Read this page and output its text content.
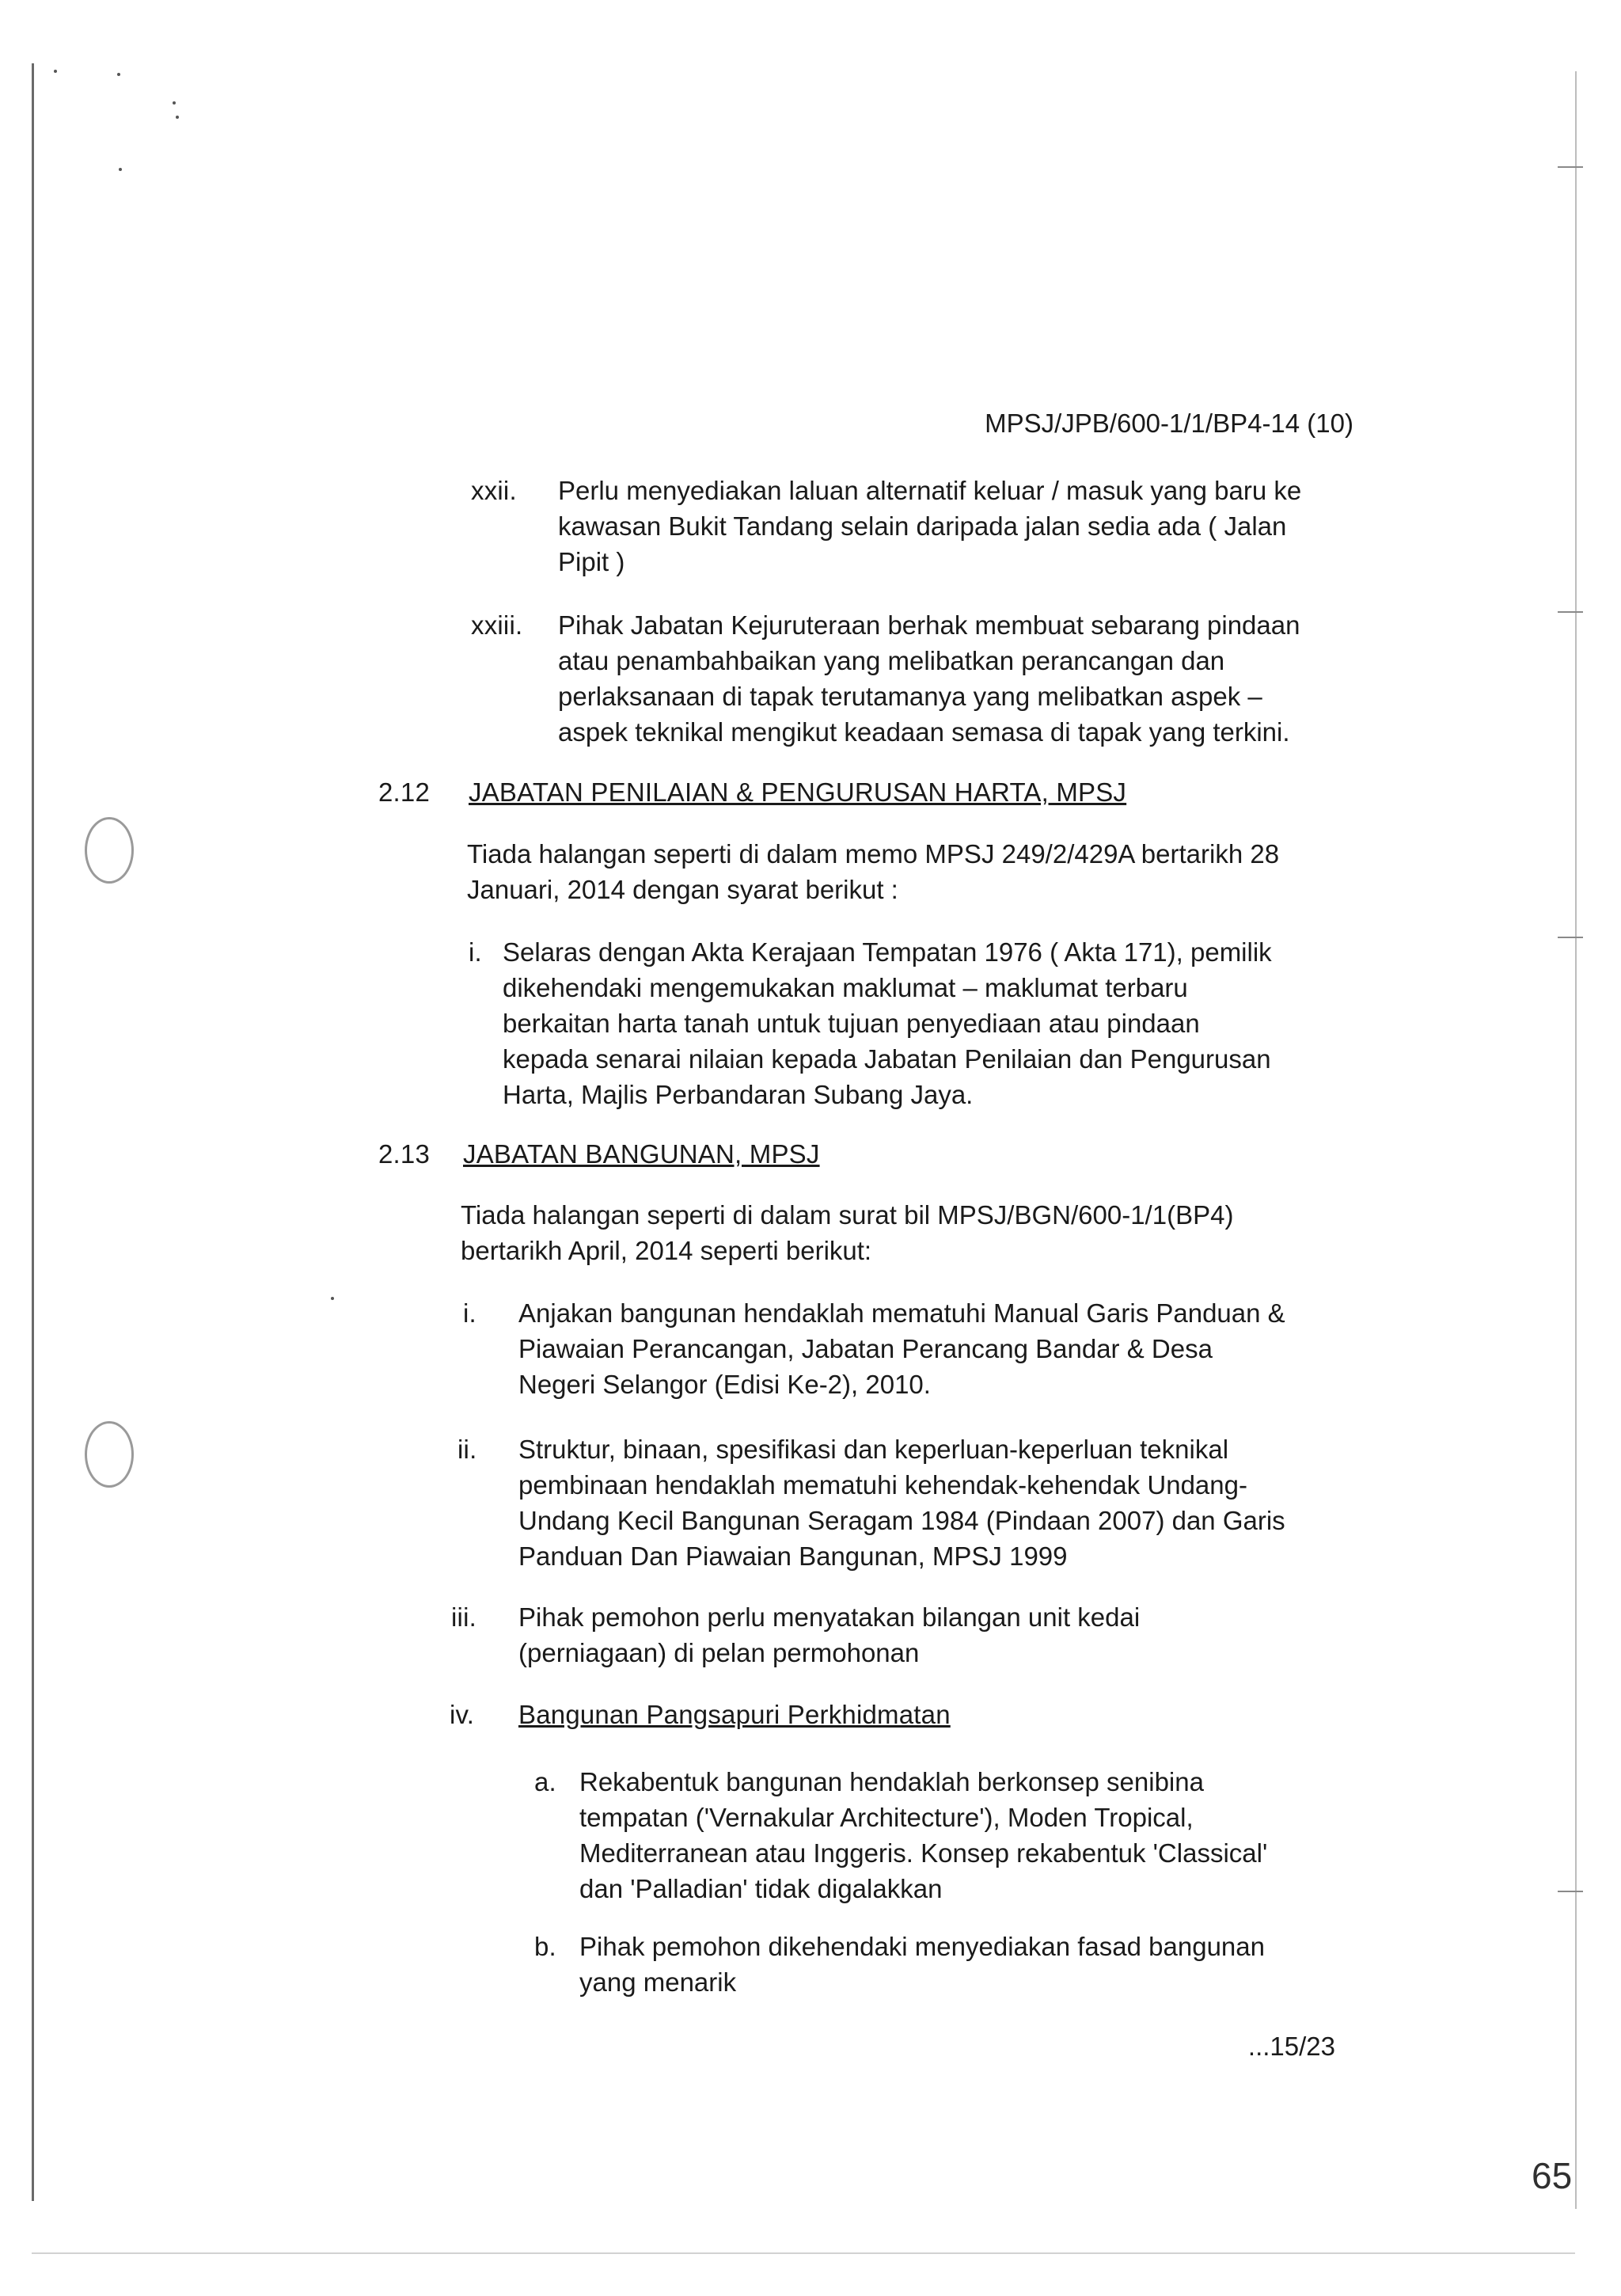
MPSJ/JPB/600-1/1/BP4-14 (10)
xxii. Perlu menyediakan laluan alternatif keluar / masuk yang baru ke
kawasan Bukit Tandang selain daripada jalan sedia ada ( Jalan
Pipit )
xxiii. Pihak Jabatan Kejuruteraan berhak membuat sebarang pindaan
atau penambahbaikan yang melibatkan perancangan dan
perlaksanaan di tapak terutamanya yang melibatkan aspek –
aspek teknikal mengikut keadaan semasa di tapak yang terkini.
2.12 JABATAN PENILAIAN & PENGURUSAN HARTA, MPSJ
Tiada halangan seperti di dalam memo MPSJ 249/2/429A bertarikh 28
Januari, 2014 dengan syarat berikut :
i. Selaras dengan Akta Kerajaan Tempatan 1976 ( Akta 171), pemilik
dikehendaki mengemukakan maklumat – maklumat terbaru
berkaitan harta tanah untuk tujuan penyediaan atau pindaan
kepada senarai nilaian kepada Jabatan Penilaian dan Pengurusan
Harta, Majlis Perbandaran Subang Jaya.
2.13 JABATAN BANGUNAN, MPSJ
Tiada halangan seperti di dalam surat bil MPSJ/BGN/600-1/1(BP4)
bertarikh April, 2014 seperti berikut:
i. Anjakan bangunan hendaklah mematuhi Manual Garis Panduan &
Piawaian Perancangan, Jabatan Perancang Bandar & Desa
Negeri Selangor (Edisi Ke-2), 2010.
ii. Struktur, binaan, spesifikasi dan keperluan-keperluan teknikal
pembinaan hendaklah mematuhi kehendak-kehendak Undang-
Undang Kecil Bangunan Seragam 1984 (Pindaan 2007) dan Garis
Panduan Dan Piawaian Bangunan, MPSJ 1999
iii. Pihak pemohon perlu menyatakan bilangan unit kedai
(perniagaan) di pelan permohonan
iv. Bangunan Pangsapuri Perkhidmatan
a. Rekabentuk bangunan hendaklah berkonsep senibina
tempatan ('Vernakular Architecture'), Moden Tropical,
Mediterranean atau Inggeris. Konsep rekabentuk 'Classical'
dan 'Palladian' tidak digalakkan
b. Pihak pemohon dikehendaki menyediakan fasad bangunan
yang menarik
...15/23
65
